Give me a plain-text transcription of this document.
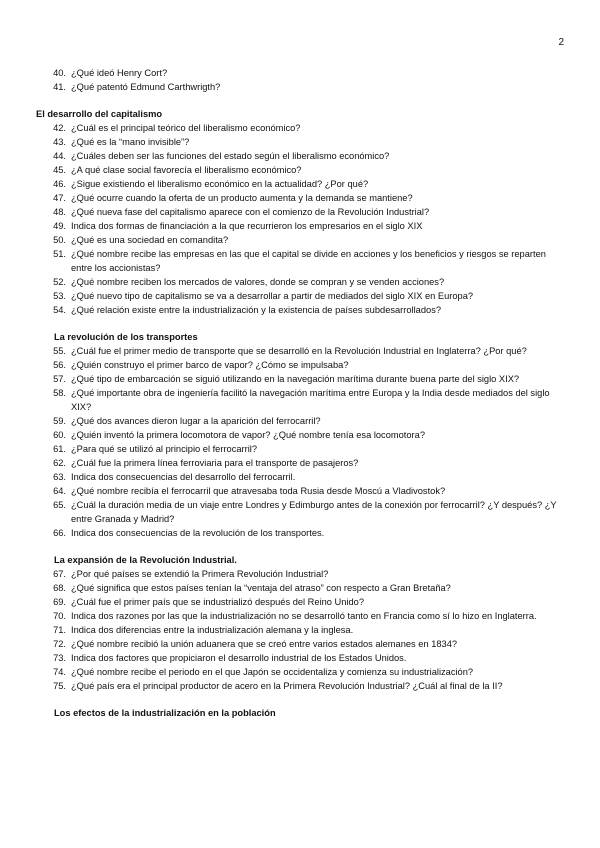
2
40. ¿Qué ideó Henry Cort?
41. ¿Qué patentó Edmund Carthwrigth?
El desarrollo del capitalismo
42. ¿Cuál es el principal teórico del liberalismo económico?
43. ¿Qué es la “mano invisible”?
44. ¿Cuáles deben ser las funciones del estado según el liberalismo económico?
45. ¿A qué clase social favorecía el liberalismo económico?
46. ¿Sigue existiendo el liberalismo económico en la actualidad? ¿Por qué?
47. ¿Qué ocurre cuando la oferta de un producto aumenta y la demanda se mantiene?
48. ¿Qué nueva fase del capitalismo aparece con el comienzo de la Revolución Industrial?
49. Indica dos formas de financiación a la que recurrieron los empresarios en el siglo XIX
50. ¿Qué es una sociedad en comandita?
51. ¿Qué nombre recibe las empresas en las que el capital se divide en acciones y los beneficios y riesgos se reparten entre los accionistas?
52. ¿Qué nombre reciben los mercados de valores, donde se compran y se venden acciones?
53. ¿Qué nuevo tipo de capitalismo se va a desarrollar a partir de mediados del siglo XIX en Europa?
54. ¿Qué relación existe entre la industrialización y la existencia de países subdesarrollados?
La revolución de los transportes
55. ¿Cuál fue el primer medio de transporte que se desarrolló en la Revolución Industrial en Inglaterra? ¿Por qué?
56. ¿Quién construyo el primer barco de vapor? ¿Cómo se impulsaba?
57. ¿Qué tipo de embarcación se siguió utilizando en la navegación marítima durante buena parte del siglo XIX?
58. ¿Qué importante obra de ingeniería facilitó la navegación marítima entre Europa y la India desde mediados del siglo XIX?
59. ¿Qué dos avances dieron lugar a la aparición del ferrocarril?
60. ¿Quién inventó la primera locomotora de vapor? ¿Qué nombre tenía esa locomotora?
61. ¿Para qué se utilizó al principio el ferrocarril?
62. ¿Cuál fue la primera línea ferroviaria para el transporte de pasajeros?
63. Indica dos consecuencias del desarrollo del ferrocarril.
64. ¿Qué nombre recibía el ferrocarril que atravesaba toda Rusia desde Moscú a Vladivostok?
65. ¿Cuál la duración media de un viaje entre Londres y Edimburgo antes de la conexión por ferrocarril? ¿Y después? ¿Y entre Granada y Madrid?
66. Indica dos consecuencias de la revolución de los transportes.
La expansión de la Revolución Industrial.
67. ¿Por qué países se extendió la Primera Revolución Industrial?
68. ¿Qué significa que estos países tenían la “ventaja del atraso” con respecto a Gran Bretaña?
69. ¿Cuál fue el primer país que se industrializó después del Reino Unido?
70. Indica dos razones por las que la industrialización no se desarrolló tanto en Francia como sí lo hizo en Inglaterra.
71. Indica dos diferencias entre la industrialización alemana y la inglesa.
72. ¿Qué nombre recibió la unión aduanera que se creó entre varios estados alemanes en 1834?
73. Indica dos factores que propiciaron el desarrollo industrial de los Estados Unidos.
74. ¿Qué nombre recibe el periodo en el que Japón se occidentaliza y comienza su industrialización?
75. ¿Qué país era el principal productor de acero en la Primera Revolución Industrial? ¿Cuál al final de la II?
Los efectos de la industrialización en la población
